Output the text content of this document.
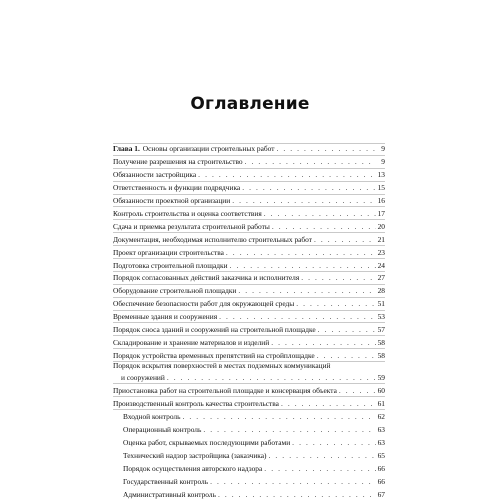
Оглавление
Глава 1. Основы организации строительных работ . . .	9
Получение разрешения на строительство . . .	9
Обязанности застройщика . . .	13
Ответственность и функции подрядчика . . .	15
Обязанности проектной организации . . .	16
Контроль строительства и оценка соответствия . . .	17
Сдача и приемка результата строительной работы . . .	20
Документация, необходимая исполнителю строительных работ . . .	21
Проект организации строительства . . .	23
Подготовка строительной площадки . . .	24
Порядок согласованных действий заказчика и исполнителя . . .	27
Оборудование строительной площадки . . .	28
Обеспечение безопасности работ для окружающей среды . . .	51
Временные здания и сооружения . . .	53
Порядок сноса зданий и сооружений на строительной площадке . . .	57
Складирование и хранение материалов и изделий . . .	58
Порядок устройства временных препятствий на стройплощадке . . .	58
Порядок вскрытия поверхностей в местах подземных коммуникаций
и сооружений . . .	59
Приостановка работ на строительной площадке и консервация объекта . . .	60
Производственный контроль качества строительства . . .	61
Входной контроль . . .	62
Операционный контроль . . .	63
Оценка работ, скрываемых последующими работами . . .	63
Технический надзор застройщика (заказчика) . . .	65
Порядок осуществления авторского надзора . . .	66
Государственный контроль . . .	66
Административный контроль . . .	67
